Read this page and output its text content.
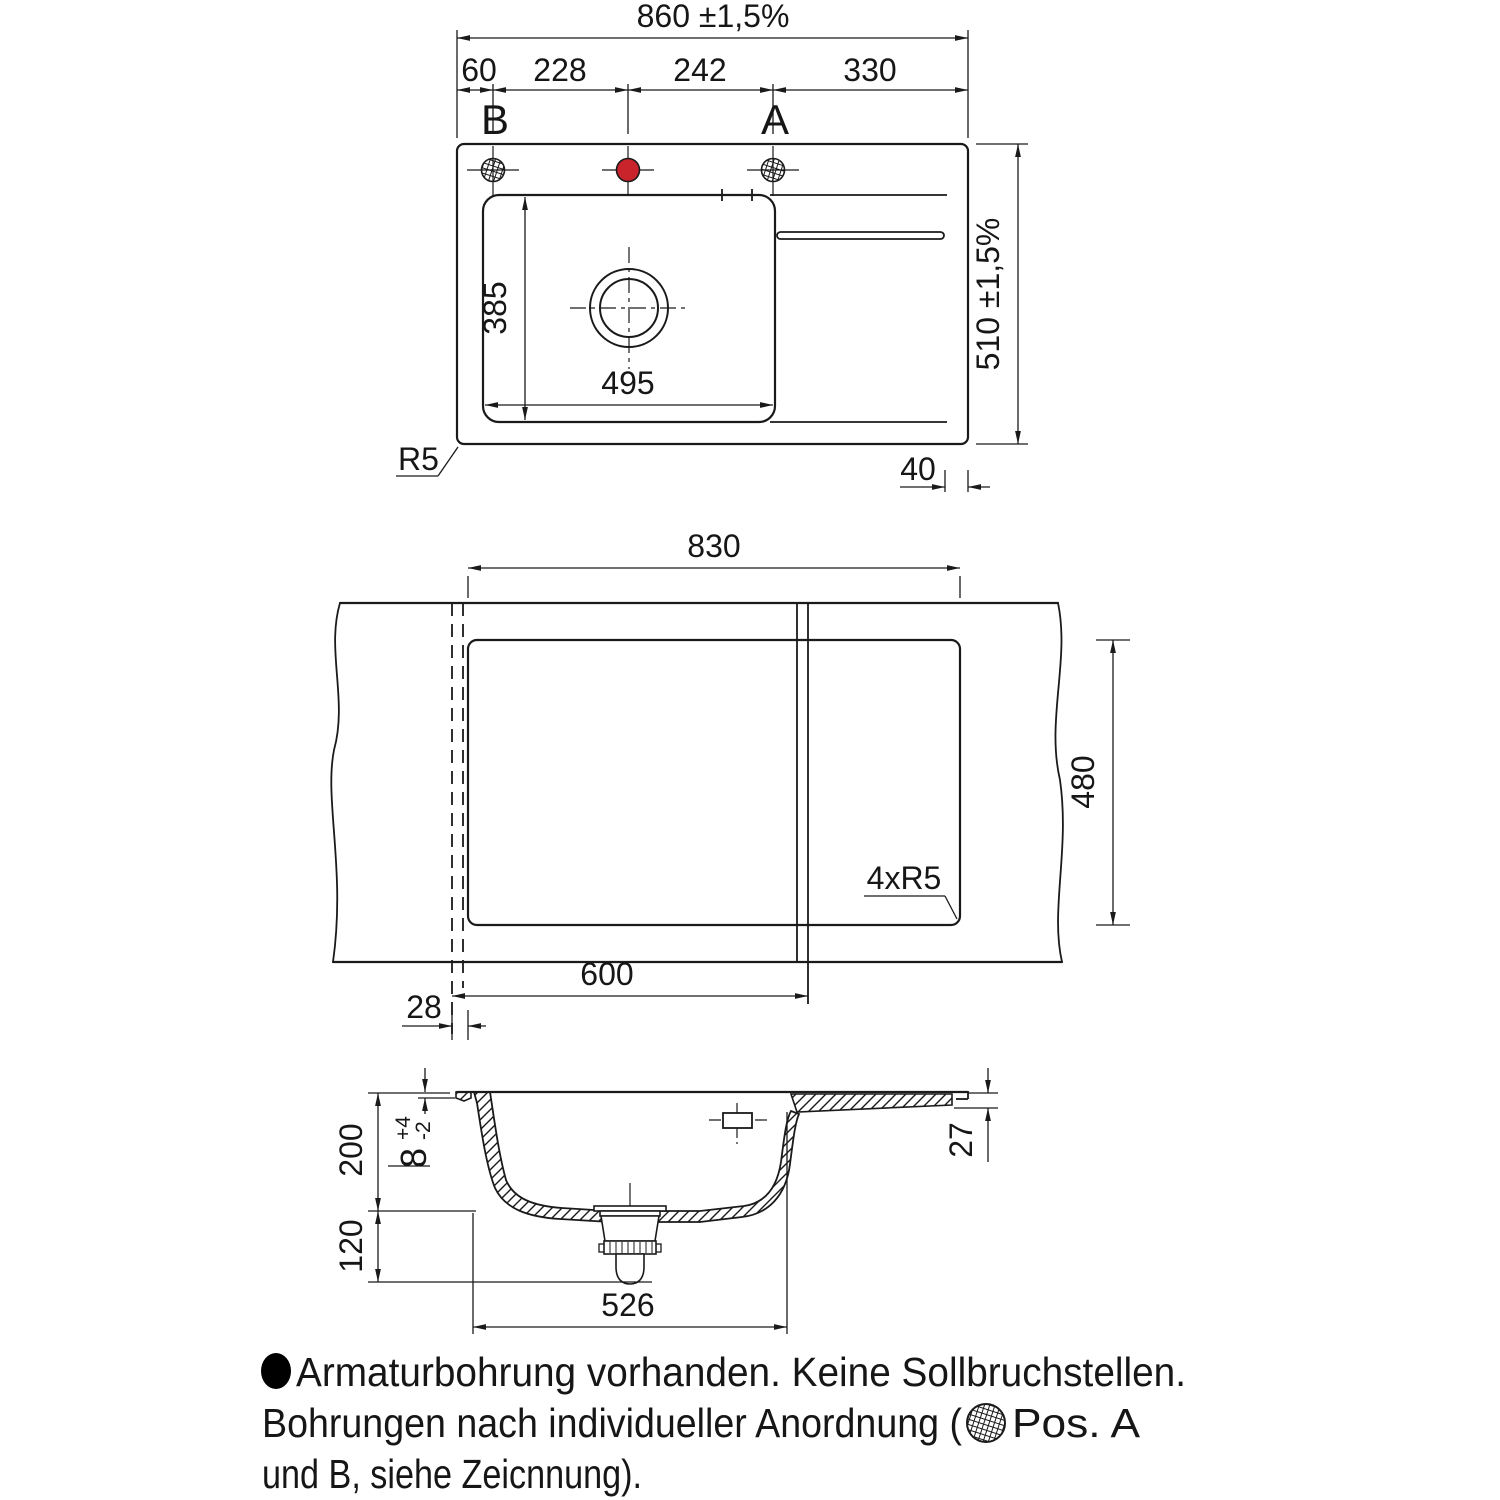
860 ±1,5%
60 228	242	330
B	A
385
495
510 ±1,5%
40
R5
830
480
4xR5
600
28
200
120
8
+4
-2	27
526
Armaturbohrung vorhanden. Keine Sollbruchstellen.
Bohrungen nach individueller Anordnung ( Pos. A
und B, siehe Zeicnnung).
